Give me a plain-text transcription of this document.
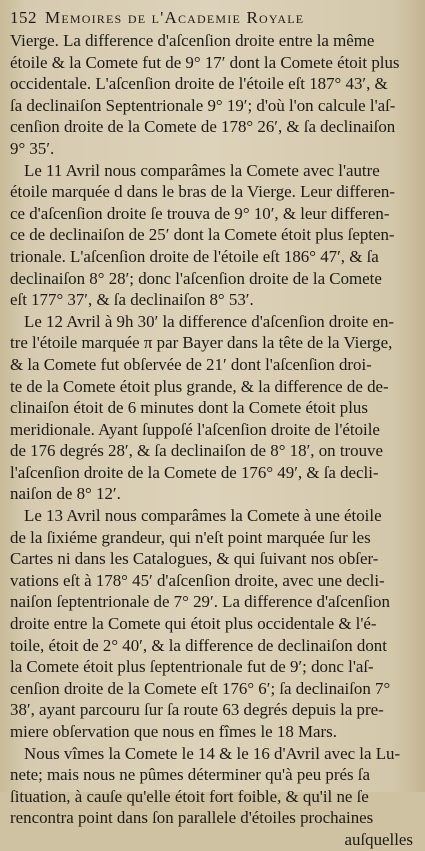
152 Memoires de l'Academie Royale
Vierge. La difference d'aſcenſion droite entre la même
étoile & la Comete fut de 9° 17′ dont la Comete étoit plus
occidentale. L'aſcenſion droite de l'étoile eſt 187° 43′, &
ſa declinaiſon Septentrionale 9° 19′; d'où l'on calcule l'aſ-
cenſion droite de la Comete de 178° 26′, & ſa declinaiſon
9° 35′.
Le 11 Avril nous comparâmes la Comete avec l'autre
étoile marquée d dans le bras de la Vierge. Leur differen-
ce d'aſcenſion droite ſe trouva de 9° 10′, & leur differen-
ce de declinaiſon de 25′ dont la Comete étoit plus ſepten-
trionale. L'aſcenſion droite de l'étoile eſt 186° 47′, & ſa
declinaiſon 8° 28′; donc l'aſcenſion droite de la Comete
eſt 177° 37′, & ſa declinaiſon 8° 53′.
Le 12 Avril à 9h 30′ la difference d'aſcenſion droite en-
tre l'étoile marquée π par Bayer dans la tête de la Vierge,
& la Comete fut obſervée de 21′ dont l'aſcenſion droi-
te de la Comete étoit plus grande, & la difference de de-
clinaiſon étoit de 6 minutes dont la Comete étoit plus
meridionale. Ayant ſuppoſé l'aſcenſion droite de l'étoile
de 176 degrés 28′, & ſa declinaiſon de 8° 18′, on trouve
l'aſcenſion droite de la Comete de 176° 49′, & ſa decli-
naiſon de 8° 12′.
Le 13 Avril nous comparâmes la Comete à une étoile
de la ſixiéme grandeur, qui n'eſt point marquée ſur les
Cartes ni dans les Catalogues, & qui ſuivant nos obſer-
vations eſt à 178° 45′ d'aſcenſion droite, avec une decli-
naiſon ſeptentrionale de 7° 29′. La difference d'aſcenſion
droite entre la Comete qui étoit plus occidentale & l'é-
toile, étoit de 2° 40′, & la difference de declinaiſon dont
la Comete étoit plus ſeptentrionale fut de 9′; donc l'aſ-
cenſion droite de la Comete eſt 176° 6′; ſa declinaiſon 7°
38′, ayant parcouru ſur ſa route 63 degrés depuis la pre-
miere obſervation que nous en fîmes le 18 Mars.
Nous vîmes la Comete le 14 & le 16 d'Avril avec la Lu-
nete; mais nous ne pûmes déterminer qu'à peu prés ſa
ſituation, à cauſe qu'elle étoit fort foible, & qu'il ne ſe
rencontra point dans ſon parallele d'étoiles prochaines
auſquelles
